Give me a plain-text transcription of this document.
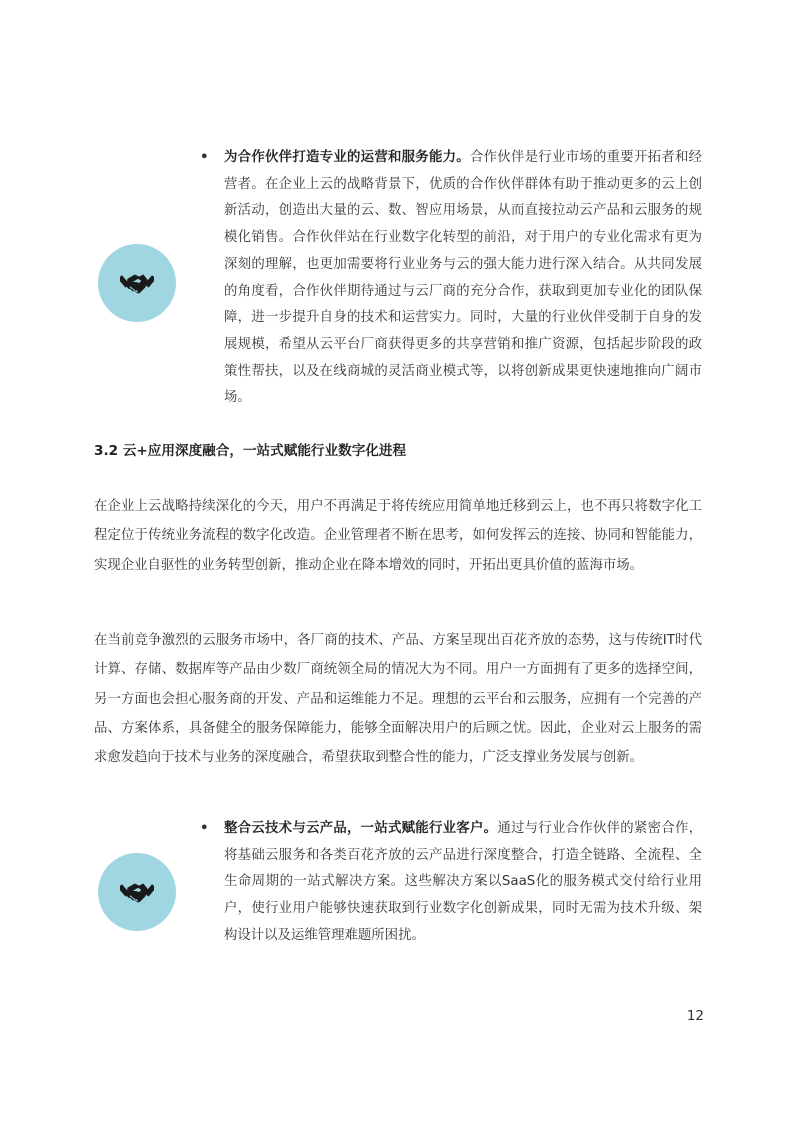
• 为合作伙伴打造专业的运营和服务能力。合作伙伴是行业市场的重要开拓者和经营者。在企业上云的战略背景下，优质的合作伙伴群体有助于推动更多的云上创新活动，创造出大量的云、数、智应用场景，从而直接拉动云产品和云服务的规模化销售。合作伙伴站在行业数字化转型的前沿，对于用户的专业化需求有更为深刻的理解，也更加需要将行业业务与云的强大能力进行深入结合。从共同发展的角度看，合作伙伴期待通过与云厂商的充分合作，获取到更加专业化的团队保障，进一步提升自身的技术和运营实力。同时，大量的行业伙伴受制于自身的发展规模，希望从云平台厂商获得更多的共享营销和推广资源，包括起步阶段的政策性帮扶，以及在线商城的灵活商业模式等，以将创新成果更快速地推向广阔市场。
3.2 云+应用深度融合，一站式赋能行业数字化进程

在企业上云战略持续深化的今天，用户不再满足于将传统应用简单地迁移到云上，也不再只将数字化工程定位于传统业务流程的数字化改造。企业管理者不断在思考，如何发挥云的连接、协同和智能能力，实现企业自驱性的业务转型创新，推动企业在降本增效的同时，开拓出更具价值的蓝海市场。

在当前竞争激烈的云服务市场中，各厂商的技术、产品、方案呈现出百花齐放的态势，这与传统IT时代计算、存储、数据库等产品由少数厂商统领全局的情况大为不同。用户一方面拥有了更多的选择空间，另一方面也会担心服务商的开发、产品和运维能力不足。理想的云平台和云服务，应拥有一个完善的产品、方案体系，具备健全的服务保障能力，能够全面解决用户的后顾之忧。因此，企业对云上服务的需求愈发趋向于技术与业务的深度融合，希望获取到整合性的能力，广泛支撑业务发展与创新。

• 整合云技术与云产品，一站式赋能行业客户。通过与行业合作伙伴的紧密合作，将基础云服务和各类百花齐放的云产品进行深度整合，打造全链路、全流程、全生命周期的一站式解决方案。这些解决方案以SaaS化的服务模式交付给行业用户，使行业用户能够快速获取到行业数字化创新成果，同时无需为技术升级、架构设计以及运维管理难题所困扰。
12
